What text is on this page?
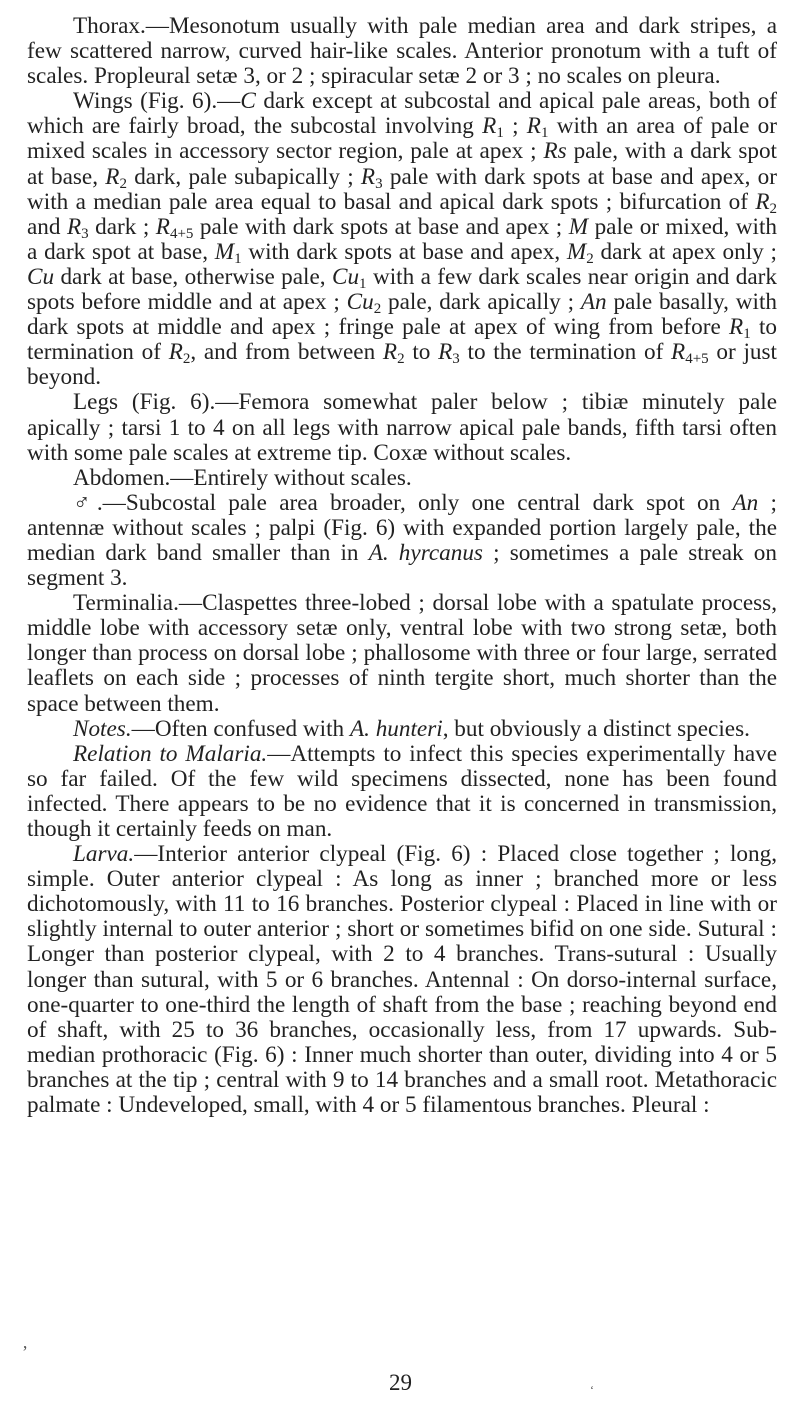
Thorax.—Mesonotum usually with pale median area and dark stripes, a few scattered narrow, curved hair-like scales. Anterior pronotum with a tuft of scales. Propleural setæ 3, or 2 ; spiracular setæ 2 or 3 ; no scales on pleura.

Wings (Fig. 6).—C dark except at subcostal and apical pale areas, both of which are fairly broad, the subcostal involving $R_1$ ; $R_1$ with an area of pale or mixed scales in accessory sector region, pale at apex ; Rs pale, with a dark spot at base, $R_2$ dark, pale subapically ; $R_3$ pale with dark spots at base and apex, or with a median pale area equal to basal and apical dark spots ; bifurcation of $R_2$ and $R_3$ dark ; $R_{4+5}$ pale with dark spots at base and apex ; M pale or mixed, with a dark spot at base, $M_1$ with dark spots at base and apex, $M_2$ dark at apex only ; Cu dark at base, otherwise pale, $Cu_1$ with a few dark scales near origin and dark spots before middle and at apex ; $Cu_2$ pale, dark apically ; An pale basally, with dark spots at middle and apex ; fringe pale at apex of wing from before $R_1$ to termination of $R_2$, and from between $R_2$ to $R_3$ to the termination of $R_{4+5}$ or just beyond.

Legs (Fig. 6).—Femora somewhat paler below ; tibiæ minutely pale apically ; tarsi 1 to 4 on all legs with narrow apical pale bands, fifth tarsi often with some pale scales at extreme tip. Coxæ without scales.

Abdomen.—Entirely without scales.

♂.—Subcostal pale area broader, only one central dark spot on An ; antennæ without scales ; palpi (Fig. 6) with expanded portion largely pale, the median dark band smaller than in A. hyrcanus ; sometimes a pale streak on segment 3.

Terminalia.—Claspettes three-lobed ; dorsal lobe with a spatulate process, middle lobe with accessory setæ only, ventral lobe with two strong setæ, both longer than process on dorsal lobe ; phallosome with three or four large, serrated leaflets on each side ; processes of ninth tergite short, much shorter than the space between them.

Notes.—Often confused with A. hunteri, but obviously a distinct species.

Relation to Malaria.—Attempts to infect this species experimentally have so far failed. Of the few wild specimens dissected, none has been found infected. There appears to be no evidence that it is concerned in transmission, though it certainly feeds on man.

Larva.—Interior anterior clypeal (Fig. 6) : Placed close together ; long, simple. Outer anterior clypeal : As long as inner ; branched more or less dichotomously, with 11 to 16 branches. Posterior clypeal : Placed in line with or slightly internal to outer anterior ; short or sometimes bifid on one side. Sutural : Longer than posterior clypeal, with 2 to 4 branches. Trans-sutural : Usually longer than sutural, with 5 or 6 branches. Antennal : On dorso-internal surface, one-quarter to one-third the length of shaft from the base ; reaching beyond end of shaft, with 25 to 36 branches, occasionally less, from 17 upwards. Sub-median prothoracic (Fig. 6) : Inner much shorter than outer, dividing into 4 or 5 branches at the tip ; central with 9 to 14 branches and a small root. Metathoracic palmate : Undeveloped, small, with 4 or 5 filamentous branches. Pleural :

29
‚
‘
